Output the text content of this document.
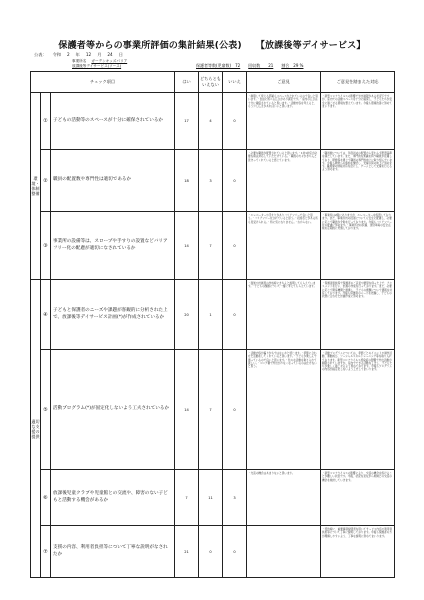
保護者等からの事業所評価の集計結果(公表) 【放課後等デイサービス】
公表： 令和 2 年 12 月 24 日
事業所名 ガーデンキッズパリア
放課後等デイサービス(ソース)	保護者等数(児童数)　72 回収数　　21 割合　29 %
チェック項目			はい	どちらともいえない	いいえ	ご意見	ご意見を踏まえた対応
環境・体制整備	①	子どもの活動等のスペースが十分に確保されているか	17	4	0	・制限して使える部屋もスペースがとれているので良いと思います。・自由に遊べる広さがあり満足です。・室内の広さは十分に確保されていると思います。・活動内容を考えると、もう少し広さがあればいいと思います。	・新型コロナウイルスの影響で外出制限がある状況下ですが、室内での活動スペースを十分に確保し、子どもたちが安全に過ごせる環境を整えています。今後も環境改善に努めてまいります。
	②	職員の配置数や専門性は適切であるか	18	3	0	・必要な職員が配置されていると思います。・1対1対応が必要な時は対応していただけている。・職員の方々がきちんと見守ってくれていると感じています。	・職員数については、年度初めの配置から変わらず配置基準を満たしています。また、専門的な知識を持つ職員が在籍しており、研修等を通じて職員の専門性向上に取り組んでいます。今後も研修への参加を継続し、支援の質の向上に努めます。職員間の情報共有を密にし、チームとして支援を行えるよう努めます。
	③	事業所の設備等は、スロープや手すりの設置などバリアフリー化の配慮が適切になされているか	14	7	0	・エレベーターや手すりがありバリアフリーで良いと思う。・バリアフリー化されていると思う。・段差などがある所も見受けられる。・特に気になりません。・わからない。	・事業所は2階にありますが、エレベーターを設置しております。また、事業所内の段差についても安全に配慮し、必要に応じて職員が介助を行っております。今後もバリアフリー化の配慮に努めます。・事業所内の設備、送迎車両の安全点検を定期的に実施しております。
適切な支援の提供	④	子どもと保護者のニーズや課題が客観的に分析された上で、放課後等デイサービス計画(*)が作成されているか	20	1	0	・面談や計画書の作成時にきちんと説明してもらえています。・子どもの課題について一緒に考えてもらえています。	・保護者面談等で保護者のご意見や要望を伺った上で、アセスメントを行い、計画の作成を行っております。また、必要に応じて関係機関と連携し、子どもの課題について情報を共有しております。今後も保護者のニーズを把握し、子どもの状態に合わせた計画作成に努めます。
	⑤	活動プログラム(*)が固定化しないよう工夫されているか	14	7	0	・活動内容が偏りがちではないかと感じます。・季節に合わせた活動をしてくれていると思います。・子どもが楽しんで通っているので良いと思います。・色々な活動を取り入れて欲しい。・コロナ禍で外出が少なくなっているのは仕方ないと思う。	・活動プログラムについては、季節ごとのイベントや制作活動、運動遊び、ソーシャルスキルトレーニング等を取り入れております。新型コロナウイルス感染症の影響で外出活動が制限されていますが、室内でできる活動を工夫し、子どもたちが楽しく過ごせるよう努めております。今後もプログラムの内容が固定化しないよう工夫してまいります。
	⑥	放課後児童クラブや児童館との交流や、障害のない子どもと活動する機会があるか	7	11	3	・交流の機会はあまりないと思います。	・新型コロナウイルスの影響により、交流の機会を設けることが難しい状況です。今後、状況を見ながら地域との交流の機会を検討していきます。
	⑦	支援の内容、利用者負担等について丁寧な説明がなされたか	21	0	0		・契約時に、重要事項説明書を用いてサービス内容や利用者負担等について丁寧に説明しております。今後も保護者の方が理解しやすいよう、丁寧な説明に努めてまいります。
